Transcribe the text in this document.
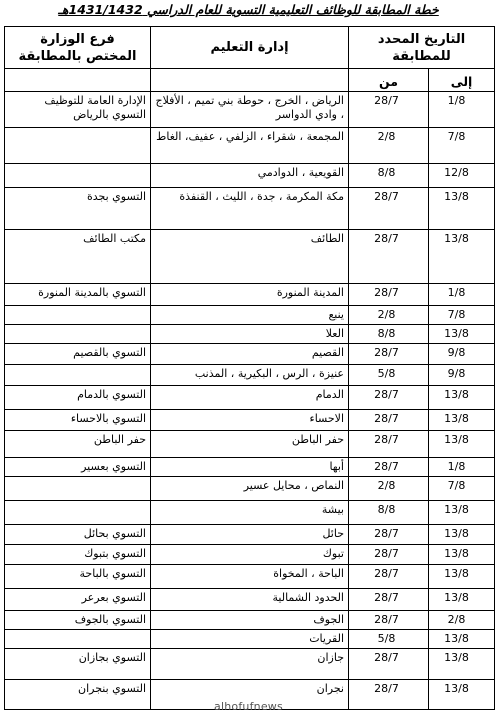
خطة المطابقة للوظائف التعليمية التسوية للعام الدراسي 1431/1432هـ
التاريخ المحدد للمطابقة		إدارة التعليم	فرع الوزارة
المختص بالمطابقة

إلى	من		
1/8	28/7	الرياض ، الخرج ، حوطة بني تميم ، الأفلاج ، وادي الدواسر	الإدارة العامة للتوظيف التسوي بالرياض
7/8	2/8	المجمعة ، شقراء ، الزلفي ، عفيف، الغاط	
12/8	8/8	القويعية ، الدوادمي	
13/8	28/7	مكة المكرمة ، جدة ، الليث ، القنفذة	التسوي بجدة
13/8	28/7	الطائف	مكتب الطائف
1/8	28/7	المدينة المنورة	التسوي بالمدينة المنورة
7/8	2/8	ينبع	
13/8	8/8	العلا	
9/8	28/7	القصيم	التسوي بالقصيم
9/8	5/8	عنيزة ، الرس ، البكيرية ، المذنب	
13/8	28/7	الدمام	التسوي بالدمام
13/8	28/7	الاحساء	التسوي بالاحساء
13/8	28/7	حفر الباطن	حفر الباطن
1/8	28/7	أبها	التسوي بعسير
7/8	2/8	النماص ، محايل عسير	
13/8	8/8	بيشة	
13/8	28/7	حائل	التسوي بحائل
13/8	28/7	تبوك	التسوي بتبوك
13/8	28/7	الباحة ، المخواة	التسوي بالباحة
13/8	28/7	الحدود الشمالية	التسوي بعرعر
2/8	28/7	الجوف	التسوي بالجوف
13/8	5/8	القريات	
13/8	28/7	جازان	التسوي بجازان
13/8	28/7	نجران	التسوي بنجران
alhofufnews
